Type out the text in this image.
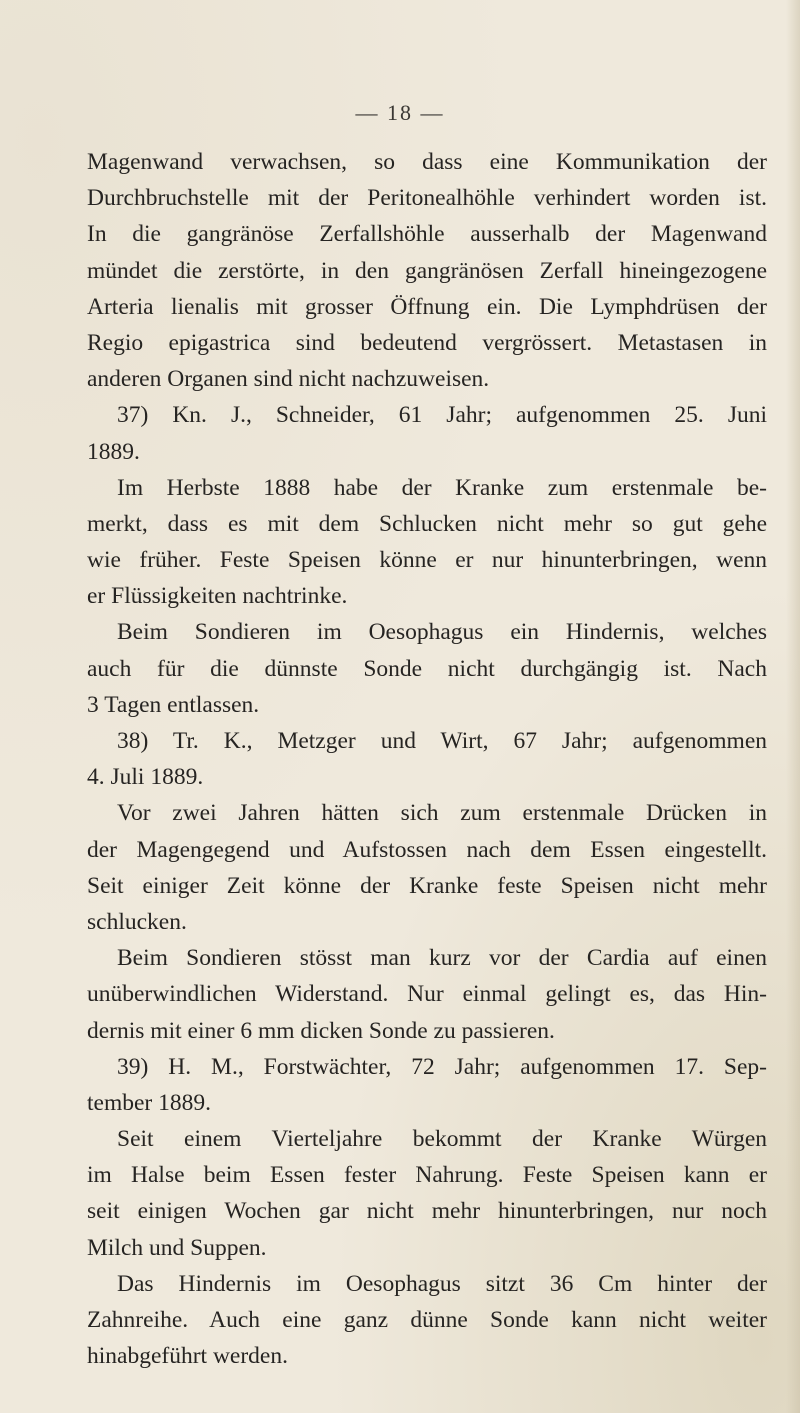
— 18 —
Magenwand verwachsen, so dass eine Kommunikation der
Durchbruchstelle mit der Peritonealhöhle verhindert worden ist.
In die gangränöse Zerfallshöhle ausserhalb der Magenwand
mündet die zerstörte, in den gangränösen Zerfall hineingezogene
Arteria lienalis mit grosser Öffnung ein. Die Lymphdrüsen der
Regio epigastrica sind bedeutend vergrössert. Metastasen in
anderen Organen sind nicht nachzuweisen.
37) Kn. J., Schneider, 61 Jahr; aufgenommen 25. Juni
1889.
Im Herbste 1888 habe der Kranke zum erstenmale be-
merkt, dass es mit dem Schlucken nicht mehr so gut gehe
wie früher. Feste Speisen könne er nur hinunterbringen, wenn
er Flüssigkeiten nachtrinke.
Beim Sondieren im Oesophagus ein Hindernis, welches
auch für die dünnste Sonde nicht durchgängig ist. Nach
3 Tagen entlassen.
38) Tr. K., Metzger und Wirt, 67 Jahr; aufgenommen
4. Juli 1889.
Vor zwei Jahren hätten sich zum erstenmale Drücken in
der Magengegend und Aufstossen nach dem Essen eingestellt.
Seit einiger Zeit könne der Kranke feste Speisen nicht mehr
schlucken.
Beim Sondieren stösst man kurz vor der Cardia auf einen
unüberwindlichen Widerstand. Nur einmal gelingt es, das Hin-
dernis mit einer 6 mm dicken Sonde zu passieren.
39) H. M., Forstwächter, 72 Jahr; aufgenommen 17. Sep-
tember 1889.
Seit einem Vierteljahre bekommt der Kranke Würgen
im Halse beim Essen fester Nahrung. Feste Speisen kann er
seit einigen Wochen gar nicht mehr hinunterbringen, nur noch
Milch und Suppen.
Das Hindernis im Oesophagus sitzt 36 Cm hinter der
Zahnreihe. Auch eine ganz dünne Sonde kann nicht weiter
hinabgeführt werden.
